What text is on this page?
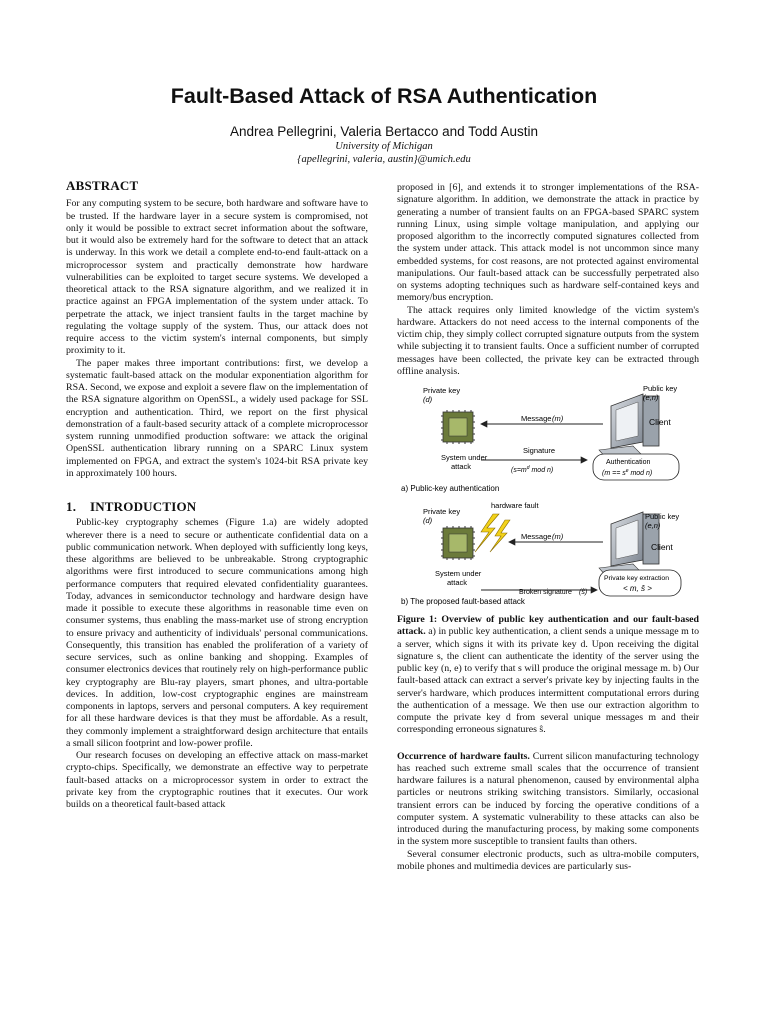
Fault-Based Attack of RSA Authentication
Andrea Pellegrini, Valeria Bertacco and Todd Austin
University of Michigan
{apellegrini, valeria, austin}@umich.edu
ABSTRACT

For any computing system to be secure, both hardware and software have to be trusted. If the hardware layer in a secure system is compromised, not only it would be possible to extract secret information about the software, but it would also be extremely hard for the software to detect that an attack is underway. In this work we detail a complete end-to-end fault-attack on a microprocessor system and practically demonstrate how hardware vulnerabilities can be exploited to target secure systems. We developed a theoretical attack to the RSA signature algorithm, and we realized it in practice against an FPGA implementation of the system under attack. To perpetrate the attack, we inject transient faults in the target machine by regulating the voltage supply of the system. Thus, our attack does not require access to the victim system's internal components, but simply proximity to it.

The paper makes three important contributions: first, we develop a systematic fault-based attack on the modular exponentiation algorithm for RSA. Second, we expose and exploit a severe flaw on the implementation of the RSA signature algorithm on OpenSSL, a widely used package for SSL encryption and authentication. Third, we report on the first physical demonstration of a fault-based security attack of a complete microprocessor system running unmodified production software: we attack the original OpenSSL authentication library running on a SPARC Linux system implemented on FPGA, and extract the system's 1024-bit RSA private key in approximately 100 hours.

1.    INTRODUCTION

Public-key cryptography schemes (Figure 1.a) are widely adopted wherever there is a need to secure or authenticate confidential data on a public communication network. When deployed with sufficiently long keys, these algorithms are believed to be unbreakable. Strong cryptographic algorithms were first introduced to secure communications among high performance computers that required elevated confidentiality guarantees. Today, advances in semiconductor technology and hardware design have made it possible to execute these algorithms in reasonable time even on consumer systems, thus enabling the mass-market use of strong encryption to ensure privacy and authenticity of individuals' personal communications. Consequently, this transition has enabled the proliferation of a variety of secure services, such as online banking and shopping. Examples of consumer electronics devices that routinely rely on high-performance public key cryptography are Blu-ray players, smart phones, and ultra-portable devices. In addition, low-cost cryptographic engines are mainstream components in laptops, servers and personal computers. A key requirement for all these hardware devices is that they must be affordable. As a result, they commonly implement a straightforward design architecture that entails a small silicon footprint and low-power profile.

Our research focuses on developing an effective attack on mass-market crypto-chips. Specifically, we demonstrate an effective way to perpetrate fault-based attacks on a microprocessor system in order to extract the private key from the cryptographic routines that it executes. Our work builds on a theoretical fault-based attack

proposed in [6], and extends it to stronger implementations of the RSA-signature algorithm. In addition, we demonstrate the attack in practice by generating a number of transient faults on an FPGA-based SPARC system running Linux, using simple voltage manipulation, and applying our proposed algorithm to the incorrectly computed signatures collected from the system under attack. This attack model is not uncommon since many embedded systems, for cost reasons, are not protected against enviromental manipulations. Our fault-based attack can be successfully perpetrated also on systems adopting techniques such as hardware self-contained keys and memory/bus encryption.

The attack requires only limited knowledge of the victim system's hardware. Attackers do not need access to the internal components of the victim chip, they simply collect corrupted signature outputs from the system while subjecting it to transient faults. Once a sufficient number of corrupted messages have been collected, the private key can be extracted through offline analysis.

Private key
(d)
System under
attack
Message (m)
Signature
($s=m^d$ mod n)
Public key
(e,n)
Client
Authentication
($m == s^e$ mod n)
a) Public-key authentication
hardware fault
Private key
(d)
System under
attack
Message (m)
Broken signature (ŝ)
Public key
(e,n)
Client
Private key extraction
< m, ŝ >
b) The proposed fault-based attack

Figure 1: Overview of public key authentication and our fault-based attack. a) in public key authentication, a client sends a unique message m to a server, which signs it with its private key d. Upon receiving the digital signature s, the client can authenticate the identity of the server using the public key (n, e) to verify that s will produce the original message m. b) Our fault-based attack can extract a server's private key by injecting faults in the server's hardware, which produces intermittent computational errors during the authentication of a message. We then use our extraction algorithm to compute the private key d from several unique messages m and their corresponding erroneous signatures ŝ.

Occurrence of hardware faults. Current silicon manufacturing technology has reached such extreme small scales that the occurrence of transient hardware failures is a natural phenomenon, caused by environmental alpha particles or neutrons striking switching transistors. Similarly, occasional transient errors can be induced by forcing the operative conditions of a computer system. A systematic vulnerability to these attacks can also be introduced during the manufacturing process, by making some components in the system more susceptible to transient faults than others.

Several consumer electronic products, such as ultra-mobile computers, mobile phones and multimedia devices are particularly sus-
